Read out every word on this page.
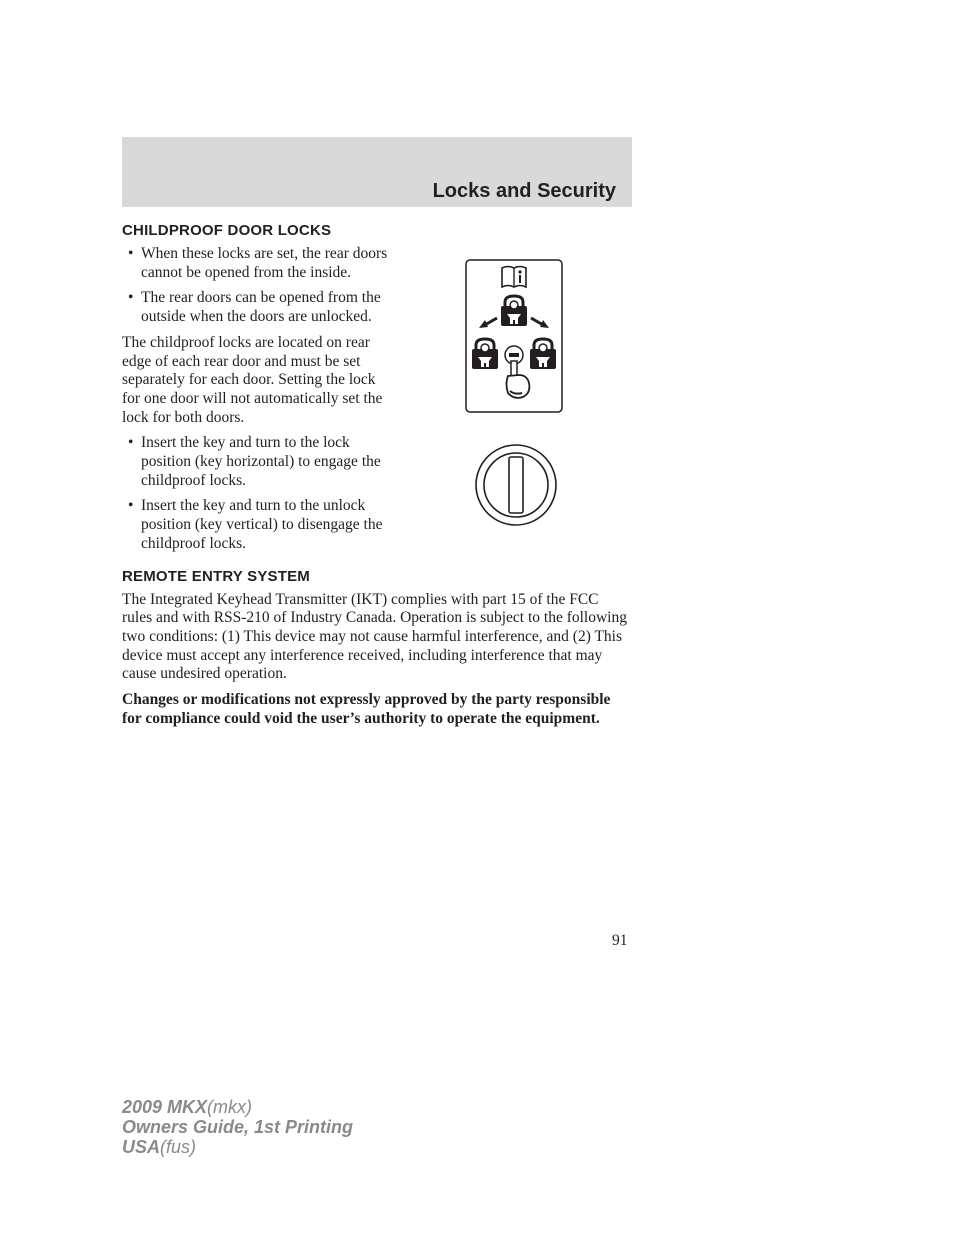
Locks and Security
CHILDPROOF DOOR LOCKS
• When these locks are set, the rear doors cannot be opened from the inside.
• The rear doors can be opened from the outside when the doors are unlocked.

The childproof locks are located on rear edge of each rear door and must be set separately for each door. Setting the lock for one door will not automatically set the lock for both doors.

• Insert the key and turn to the lock position (key horizontal) to engage the childproof locks.
• Insert the key and turn to the unlock position (key vertical) to disengage the childproof locks.
REMOTE ENTRY SYSTEM

The Integrated Keyhead Transmitter (IKT) complies with part 15 of the FCC rules and with RSS-210 of Industry Canada. Operation is subject to the following two conditions: (1) This device may not cause harmful interference, and (2) This device must accept any interference received, including interference that may cause undesired operation.

Changes or modifications not expressly approved by the party responsible for compliance could void the user’s authority to operate the equipment.

91
2009 MKX(mkx)
Owners Guide, 1st Printing
USA(fus)
